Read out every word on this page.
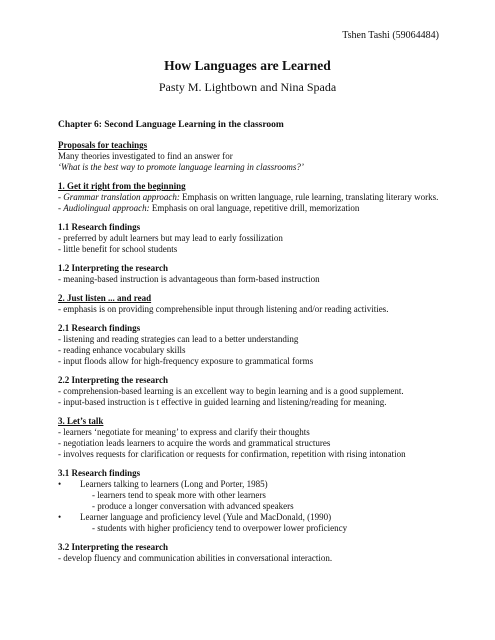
Tshen Tashi (59064484)
How Languages are Learned
Pasty M. Lightbown and Nina Spada
Chapter 6: Second Language Learning in the classroom
Proposals for teachings
Many theories investigated to find an answer for
‘What is the best way to promote language learning in classrooms?’
1. Get it right from the beginning
- Grammar translation approach: Emphasis on written language, rule learning, translating literary works.
- Audiolingual approach: Emphasis on oral language, repetitive drill, memorization
1.1 Research findings
- preferred by adult learners but may lead to early fossilization
- little benefit for school students
1.2 Interpreting the research
- meaning-based instruction is advantageous than form-based instruction
2. Just listen ... and read
- emphasis is on providing comprehensible input through listening and/or reading activities.
2.1 Research findings
- listening and reading strategies can lead to a better understanding
- reading enhance vocabulary skills
- input floods allow for high-frequency exposure to grammatical forms
2.2 Interpreting the research
- comprehension-based learning is an excellent way to begin learning and is a good supplement.
- input-based instruction is t effective in guided learning and listening/reading for meaning.
3. Let’s talk
- learners ‘negotiate for meaning’ to express and clarify their thoughts
- negotiation leads learners to acquire the words and grammatical structures
- involves requests for clarification or requests for confirmation, repetition with rising intonation
3.1 Research findings
• Learners talking to learners (Long and Porter, 1985)
- learners tend to speak more with other learners
- produce a longer conversation with advanced speakers
• Learner language and proficiency level (Yule and MacDonald, (1990)
- students with higher proficiency tend to overpower lower proficiency
3.2 Interpreting the research
- develop fluency and communication abilities in conversational interaction.
